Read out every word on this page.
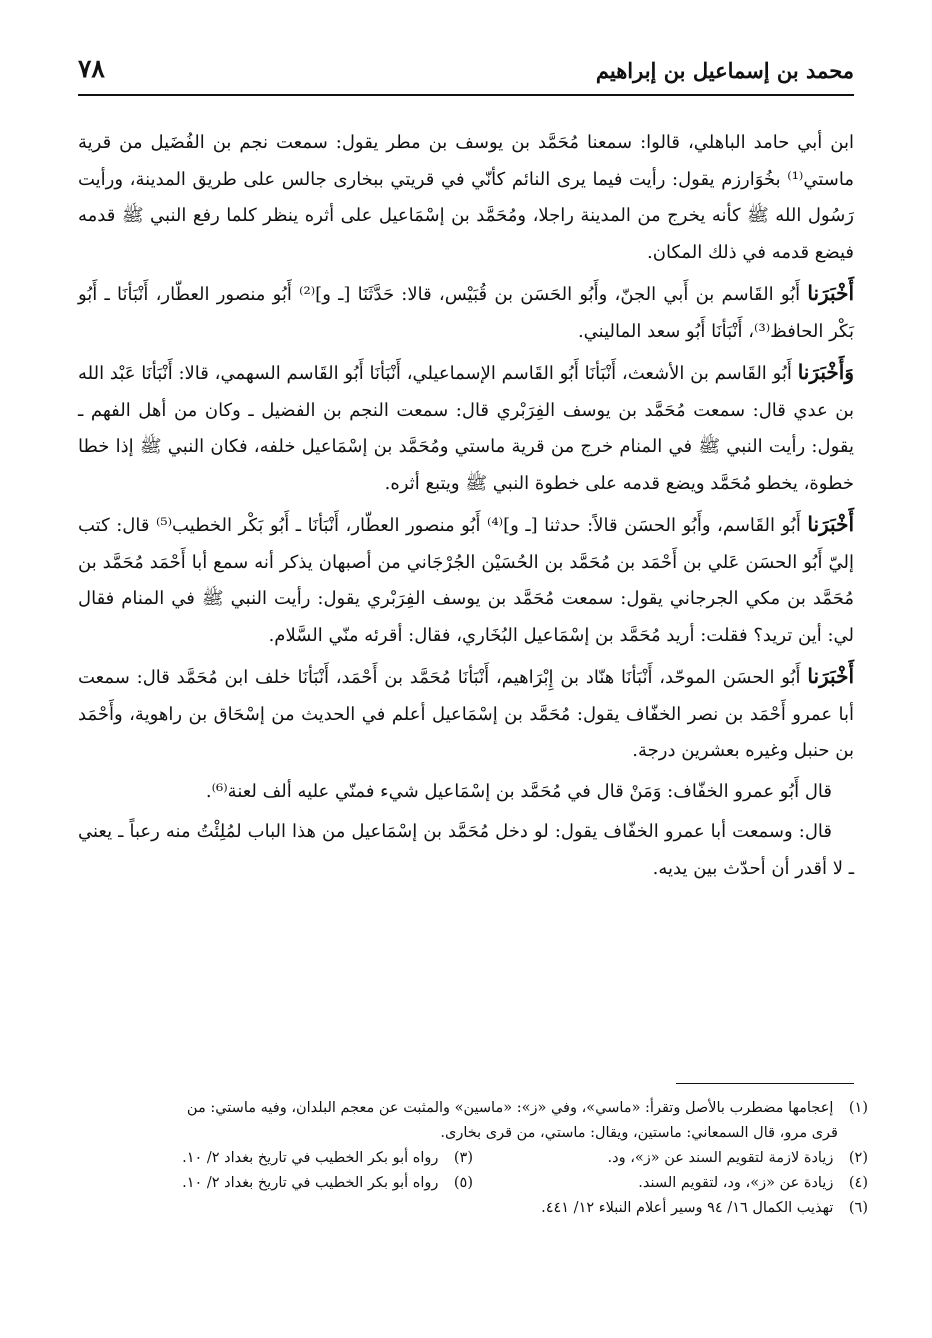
محمد بن إسماعيل بن إبراهيم
٧٨

ابن أبي حامد الباهلي، قالوا: سمعنا مُحَمَّد بن يوسف بن مطر يقول: سمعت نجم بن الفُضَيل من قرية ماستي⁽¹⁾ بخُوَارزم يقول: رأيت فيما يرى النائم كأنّي في قريتي ببخارى جالس على طريق المدينة، ورأيت رَسُول الله ﷺ كأنه يخرج من المدينة راجلا، ومُحَمَّد بن إسْمَاعيل على أثره ينظر كلما رفع النبي ﷺ قدمه فيضع قدمه في ذلك المكان.

أَخْبَرَنا أَبُو القَاسم بن أَبي الجنّ، وأَبُو الحَسَن بن قُبَيْس، قالا: حَدَّثَنَا [ـ و]⁽²⁾ أَبُو منصور العطّار، أَنْبَأنَا ـ أَبُو بَكْر الحافظ⁽³⁾، أَنْبَأنَا أَبُو سعد الماليني.

وَأَخْبَرَنا أَبُو القَاسم بن الأشعث، أَنْبَأنَا أَبُو القَاسم الإسماعيلي، أَنْبَأنَا أَبُو القَاسم السهمي، قالا: أَنْبَأنَا عَبْد الله بن عدي قال: سمعت مُحَمَّد بن يوسف الفِرَبْري قال: سمعت النجم بن الفضيل ـ وكان من أهل الفهم ـ يقول: رأيت النبي ﷺ في المنام خرج من قرية ماستي ومُحَمَّد بن إسْمَاعيل خلفه، فكان النبي ﷺ إذا خطا خطوة، يخطو مُحَمَّد ويضع قدمه على خطوة النبي ﷺ ويتبع أثره.

أَخْبَرَنا أَبُو القَاسم، وأَبُو الحسَن قالاً: حدثنا [ـ و]⁽⁴⁾ أَبُو منصور العطّار، أَنْبَأنَا ـ أَبُو بَكْر الخطيب⁽⁵⁾ قال: كتب إليّ أَبُو الحسَن عَلي بن أَحْمَد بن مُحَمَّد بن الحُسَيْن الجُرْجَاني من أصبهان يذكر أنه سمع أبا أَحْمَد مُحَمَّد بن مُحَمَّد بن مكي الجرجاني يقول: سمعت مُحَمَّد بن يوسف الفِرَبْري يقول: رأيت النبي ﷺ في المنام فقال لي: أين تريد؟ فقلت: أريد مُحَمَّد بن إسْمَاعيل البُخَاري، فقال: أقرئه منّي السَّلام.

أَخْبَرَنا أَبُو الحسَن الموحّد، أَنْبَأنَا هنّاد بن إِبْرَاهيم، أَنْبَأنَا مُحَمَّد بن أَحْمَد، أَنْبَأنَا خلف ابن مُحَمَّد قال: سمعت أبا عمرو أَحْمَد بن نصر الخفّاف يقول: مُحَمَّد بن إسْمَاعيل أعلم في الحديث من إسْحَاق بن راهوية، وأَحْمَد بن حنبل وغيره بعشرين درجة.

قال أَبُو عمرو الخفّاف: وَمَنْ قال في مُحَمَّد بن إسْمَاعيل شيء فمنّي عليه ألف لعنة⁽⁶⁾.

قال: وسمعت أبا عمرو الخفّاف يقول: لو دخل مُحَمَّد بن إسْمَاعيل من هذا الباب لمُلِئْتُ منه رعباً ـ يعني ـ لا أقدر أن أحدّث بين يديه.

(١) إعجامها مضطرب بالأصل وتقرأ: «ماسي»، وفي «ز»: «ماسين» والمثبت عن معجم البلدان، وفيه ماستي: من
قرى مرو، قال السمعاني: ماستين، ويقال: ماستي، من قرى بخارى.
(٢) زيادة لازمة لتقويم السند عن «ز»، ود.
(٣) رواه أبو بكر الخطيب في تاريخ بغداد ٢/ ١٠.
(٤) زيادة عن «ز»، ود، لتقويم السند.
(٥) رواه أبو بكر الخطيب في تاريخ بغداد ٢/ ١٠.
(٦) تهذيب الكمال ١٦/ ٩٤ وسير أعلام النبلاء ١٢/ ٤٤١.
